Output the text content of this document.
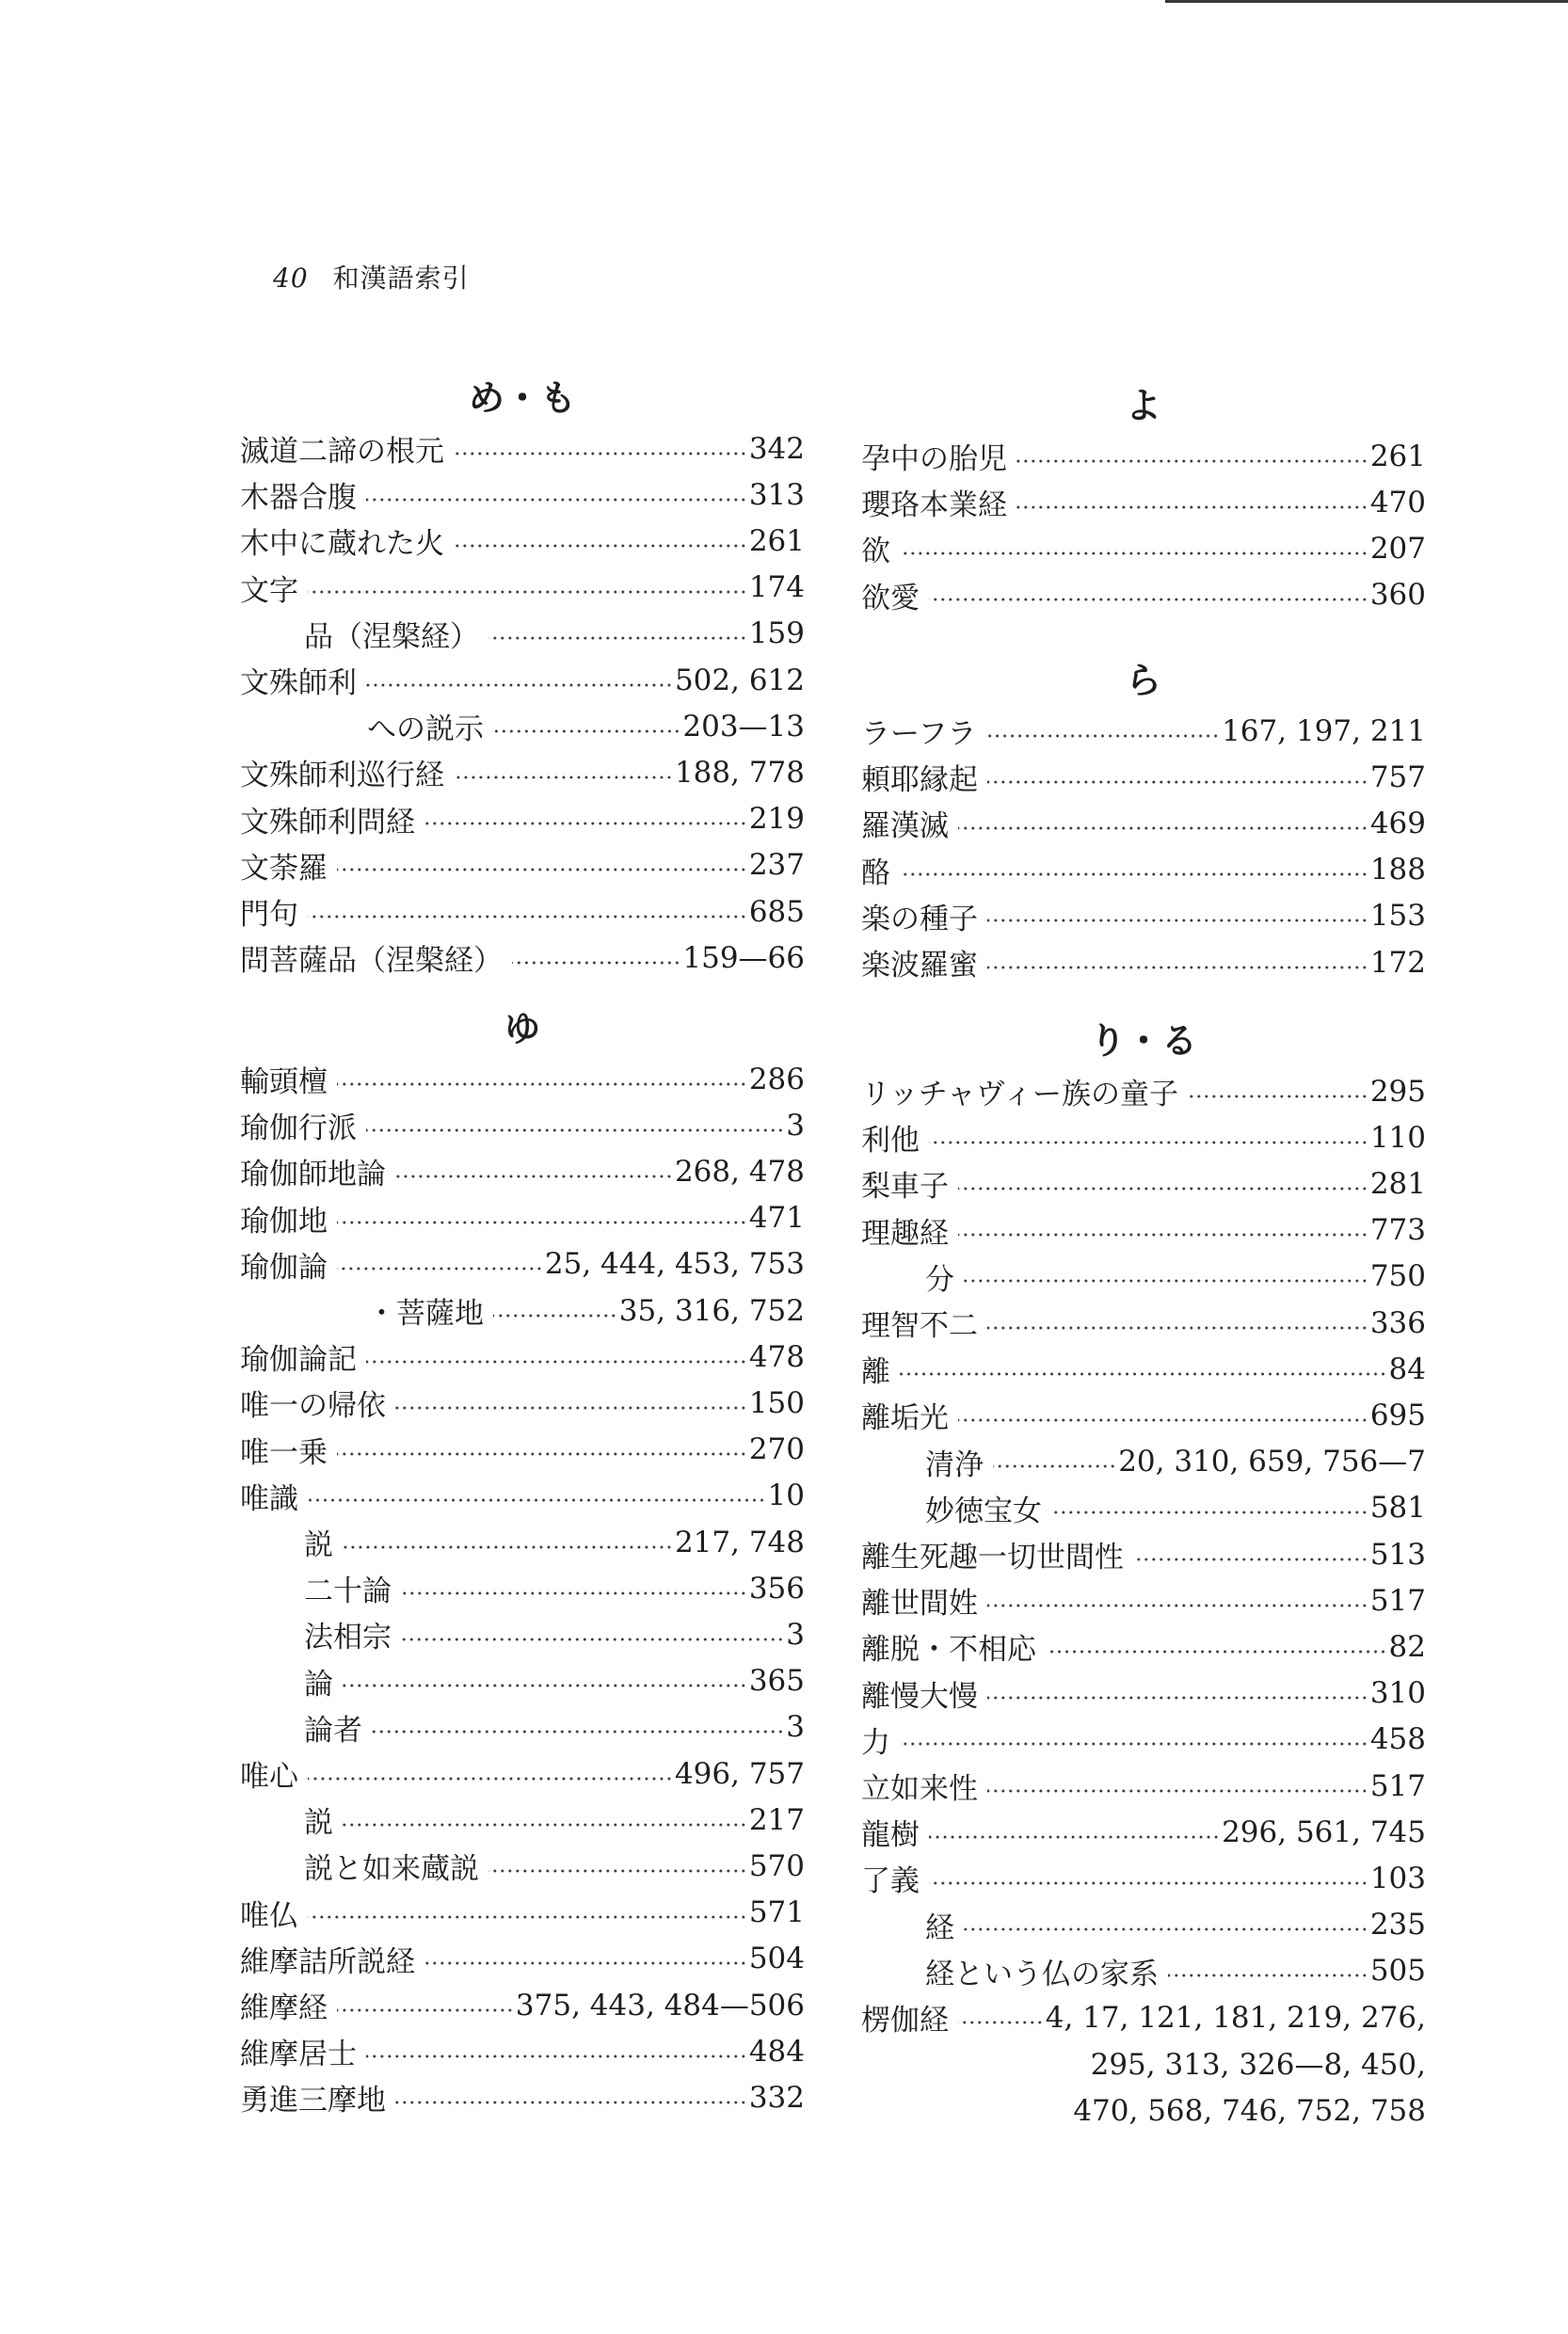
40 和漢語索引
め・も
滅道二諦の根元	342
木器合腹	313
木中に蔵れた火	261
文字	174
品（涅槃経）	159
文殊師利	502, 612
への説示	203—13
文殊師利巡行経	188, 778
文殊師利問経	219
文荼羅	237
門句	685
問菩薩品（涅槃経）	159—66
ゆ
輸頭檀	286
瑜伽行派	3
瑜伽師地論	268, 478
瑜伽地	471
瑜伽論	25, 444, 453, 753
・菩薩地	35, 316, 752
瑜伽論記	478
唯一の帰依	150
唯一乗	270
唯識	10
説	217, 748
二十論	356
法相宗	3
論	365
論者	3
唯心	496, 757
説	217
説と如来蔵説	570
唯仏	571
維摩詰所説経	504
維摩経	375, 443, 484—506
維摩居士	484
勇進三摩地	332
よ
孕中の胎児	261
瓔珞本業経	470
欲	207
欲愛	360
ら
ラーフラ	167, 197, 211
頼耶縁起	757
羅漢滅	469
酪	188
楽の種子	153
楽波羅蜜	172
り・る
リッチャヴィー族の童子	295
利他	110
梨車子	281
理趣経	773
分	750
理智不二	336
離	84
離垢光	695
清浄	20, 310, 659, 756—7
妙徳宝女	581
離生死趣一切世間性	513
離世間姓	517
離脱・不相応	82
離慢大慢	310
力	458
立如来性	517
龍樹	296, 561, 745
了義	103
経	235
経という仏の家系	505
楞伽経	4, 17, 121, 181, 219, 276,
295, 313, 326—8, 450,
470, 568, 746, 752, 758
